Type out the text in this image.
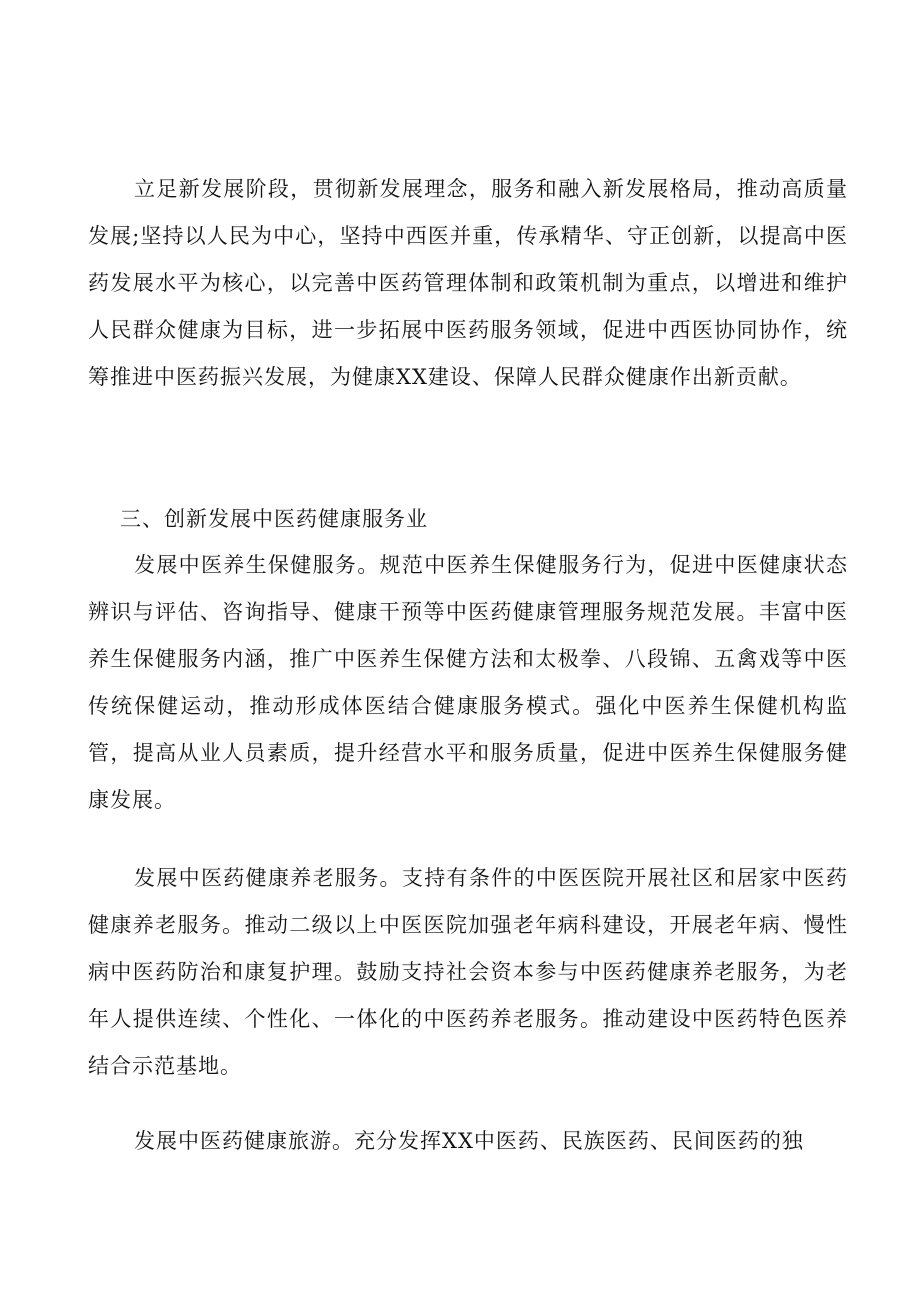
立足新发展阶段，贯彻新发展理念，服务和融入新发展格局，推动高质量发展;坚持以人民为中心，坚持中西医并重，传承精华、守正创新，以提高中医药发展水平为核心，以完善中医药管理体制和政策机制为重点，以增进和维护人民群众健康为目标，进一步拓展中医药服务领域，促进中西医协同协作，统筹推进中医药振兴发展，为健康XX建设、保障人民群众健康作出新贡献。

三、创新发展中医药健康服务业

发展中医养生保健服务。规范中医养生保健服务行为，促进中医健康状态辨识与评估、咨询指导、健康干预等中医药健康管理服务规范发展。丰富中医养生保健服务内涵，推广中医养生保健方法和太极拳、八段锦、五禽戏等中医传统保健运动，推动形成体医结合健康服务模式。强化中医养生保健机构监管，提高从业人员素质，提升经营水平和服务质量，促进中医养生保健服务健康发展。

发展中医药健康养老服务。支持有条件的中医医院开展社区和居家中医药健康养老服务。推动二级以上中医医院加强老年病科建设，开展老年病、慢性病中医药防治和康复护理。鼓励支持社会资本参与中医药健康养老服务，为老年人提供连续、个性化、一体化的中医药养老服务。推动建设中医药特色医养结合示范基地。

发展中医药健康旅游。充分发挥XX中医药、民族医药、民间医药的独
